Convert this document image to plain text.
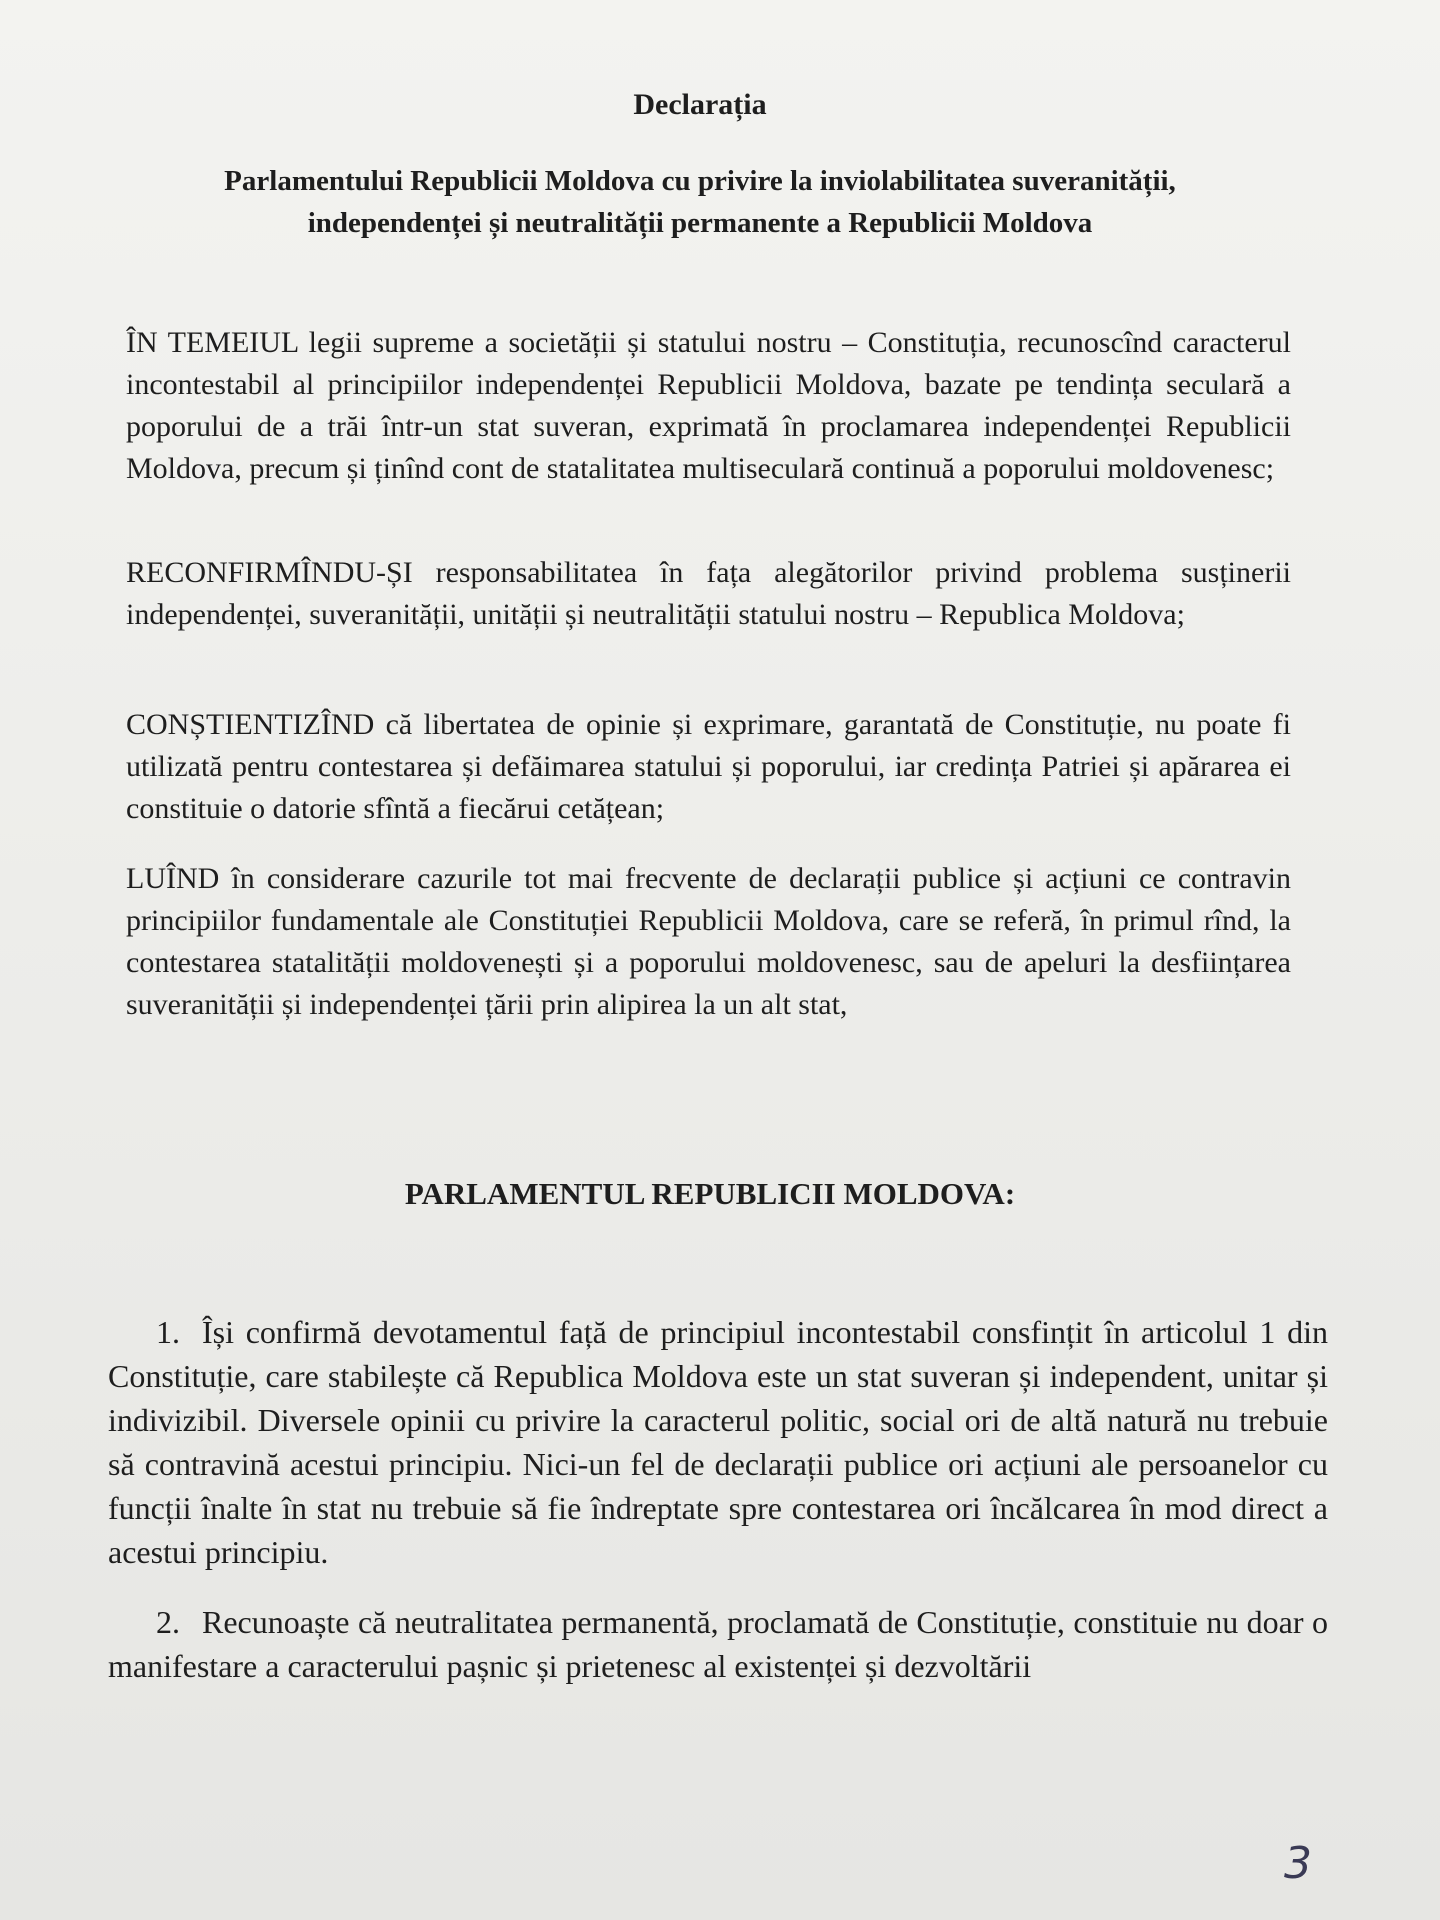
Declarația
Parlamentului Republicii Moldova cu privire la inviolabilitatea suveranității, independenței și neutralității permanente a Republicii Moldova
ÎN TEMEIUL legii supreme a societății și statului nostru – Constituția, recunoscînd caracterul incontestabil al principiilor independenței Republicii Moldova, bazate pe tendința seculară a poporului de a trăi într-un stat suveran, exprimată în proclamarea independenței Republicii Moldova, precum și ținînd cont de statalitatea multiseculară continuă a poporului moldovenesc;
RECONFIRMÎNDU-ȘI responsabilitatea în fața alegătorilor privind problema susținerii independenței, suveranității, unității și neutralității statului nostru – Republica Moldova;
CONȘTIENTIZÎND că libertatea de opinie și exprimare, garantată de Constituție, nu poate fi utilizată pentru contestarea și defăimarea statului și poporului, iar credința Patriei și apărarea ei constituie o datorie sfîntă a fiecărui cetățean;
LUÎND în considerare cazurile tot mai frecvente de declarații publice și acțiuni ce contravin principiilor fundamentale ale Constituției Republicii Moldova, care se referă, în primul rînd, la contestarea statalității moldovenești și a poporului moldovenesc, sau de apeluri la desființarea suveranității și independenței țării prin alipirea la un alt stat,
PARLAMENTUL REPUBLICII MOLDOVA:
1. Își confirmă devotamentul față de principiul incontestabil consfințit în articolul 1 din Constituție, care stabilește că Republica Moldova este un stat suveran și independent, unitar și indivizibil. Diversele opinii cu privire la caracterul politic, social ori de altă natură nu trebuie să contravină acestui principiu. Nici-un fel de declarații publice ori acțiuni ale persoanelor cu funcții înalte în stat nu trebuie să fie îndreptate spre contestarea ori încălcarea în mod direct a acestui principiu.
2. Recunoaște că neutralitatea permanentă, proclamată de Constituție, constituie nu doar o manifestare a caracterului pașnic și prietenesc al existenței și dezvoltării
3
